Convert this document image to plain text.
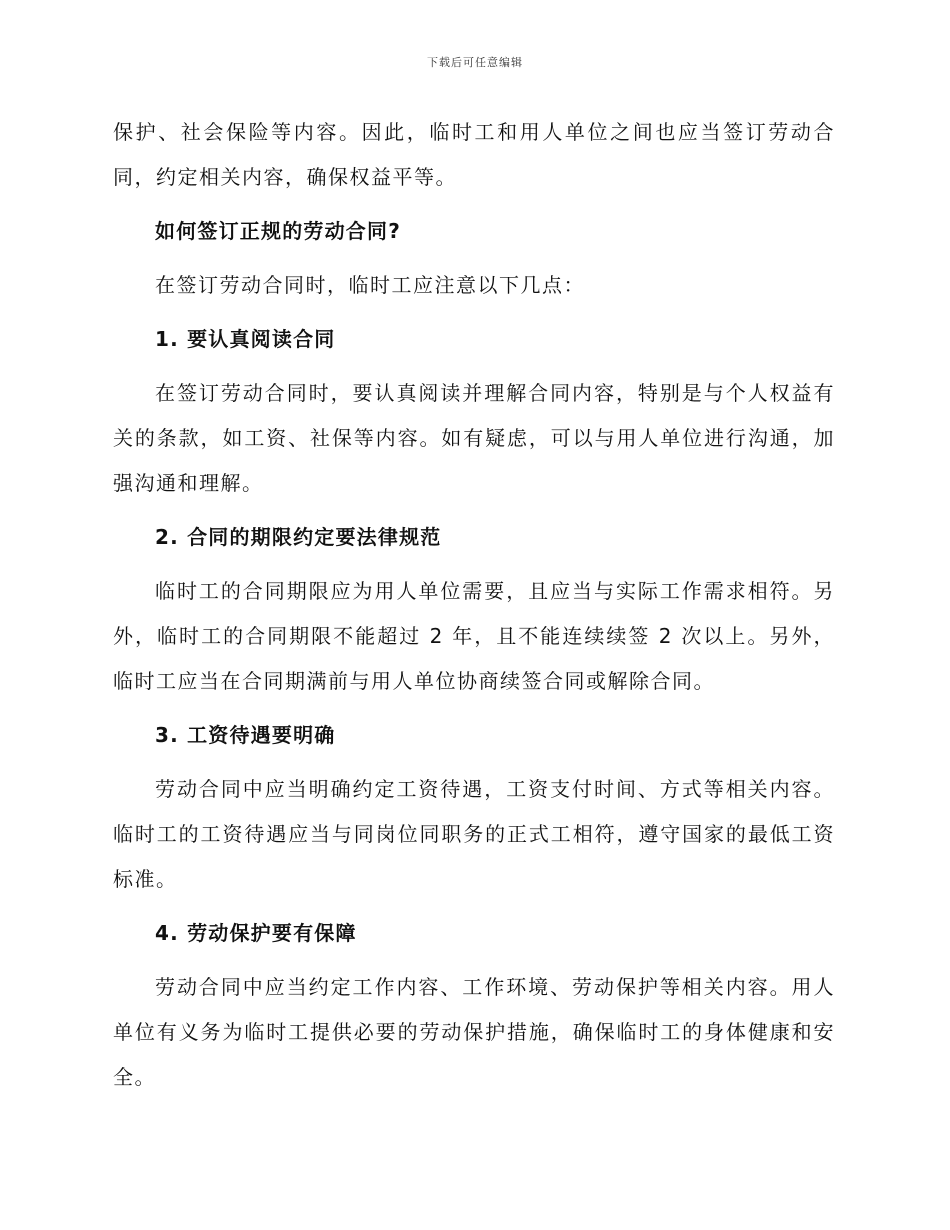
下载后可任意编辑

保护、社会保险等内容。因此，临时工和用人单位之间也应当签订劳动合同，约定相关内容，确保权益平等。

如何签订正规的劳动合同?

在签订劳动合同时，临时工应注意以下几点：

1. 要认真阅读合同

在签订劳动合同时，要认真阅读并理解合同内容，特别是与个人权益有关的条款，如工资、社保等内容。如有疑虑，可以与用人单位进行沟通，加强沟通和理解。

2. 合同的期限约定要法律规范

临时工的合同期限应为用人单位需要，且应当与实际工作需求相符。另外，临时工的合同期限不能超过 2 年，且不能连续续签 2 次以上。另外，临时工应当在合同期满前与用人单位协商续签合同或解除合同。

3. 工资待遇要明确

劳动合同中应当明确约定工资待遇，工资支付时间、方式等相关内容。临时工的工资待遇应当与同岗位同职务的正式工相符，遵守国家的最低工资标准。

4. 劳动保护要有保障

劳动合同中应当约定工作内容、工作环境、劳动保护等相关内容。用人单位有义务为临时工提供必要的劳动保护措施，确保临时工的身体健康和安全。
